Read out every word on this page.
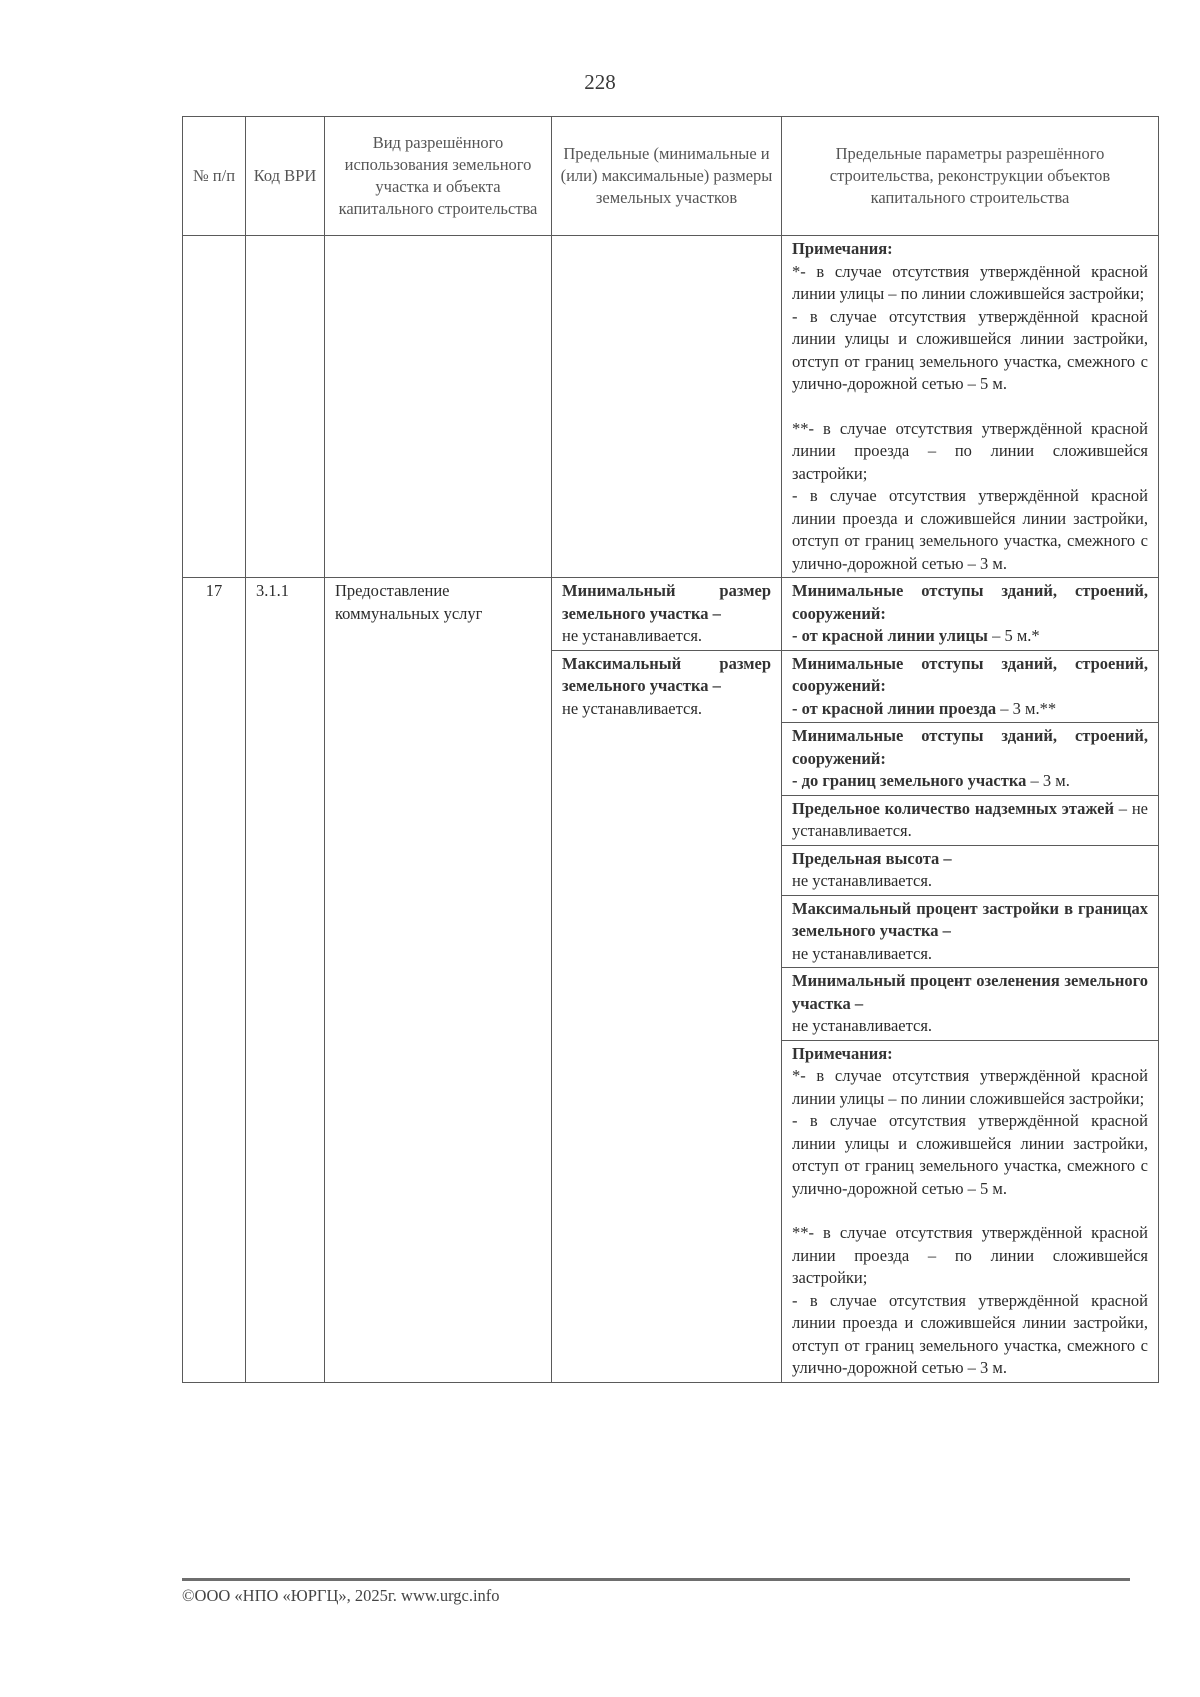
228
№ п/п	Код ВРИ	Вид разрешённого использования земельного участка и объекта капитального строительства	Предельные (минимальные и (или) максимальные) размеры земельных участков	Предельные параметры разрешённого строительства, реконструкции объектов капитального строительства

				Примечания:
*- в случае отсутствия утверждённой красной линии улицы – по линии сложившейся застройки;
- в случае отсутствия утверждённой красной линии улицы и сложившейся линии застройки, отступ от границ земельного участка, смежного с улично-дорожной сетью – 5 м.
**- в случае отсутствия утверждённой красной линии проезда – по линии сложившейся застройки;
- в случае отсутствия утверждённой красной линии проезда и сложившейся линии застройки, отступ от границ земельного участка, смежного с улично-дорожной сетью – 3 м.

17	3.1.1	Предоставление коммунальных услуг	Минимальный размер земельного участка –
не устанавливается.	Минимальные отступы зданий, строений, сооружений:
- от красной линии улицы – 5 м.*
			Максимальный размер земельного участка –
не устанавливается.	Минимальные отступы зданий, строений, сооружений:
- от красной линии проезда – 3 м.**
				Минимальные отступы зданий, строений, сооружений:
- до границ земельного участка – 3 м.
				Предельное количество надземных этажей – не устанавливается.
				Предельная высота –
не устанавливается.
				Максимальный процент застройки в границах земельного участка –
не устанавливается.
				Минимальный процент озеленения земельного участка –
не устанавливается.

				Примечания:
*- в случае отсутствия утверждённой красной линии улицы – по линии сложившейся застройки;
- в случае отсутствия утверждённой красной линии улицы и сложившейся линии застройки, отступ от границ земельного участка, смежного с улично-дорожной сетью – 5 м.
**- в случае отсутствия утверждённой красной линии проезда – по линии сложившейся застройки;
- в случае отсутствия утверждённой красной линии проезда и сложившейся линии застройки, отступ от границ земельного участка, смежного с улично-дорожной сетью – 3 м.
©ООО «НПО «ЮРГЦ», 2025г. www.urgc.info
